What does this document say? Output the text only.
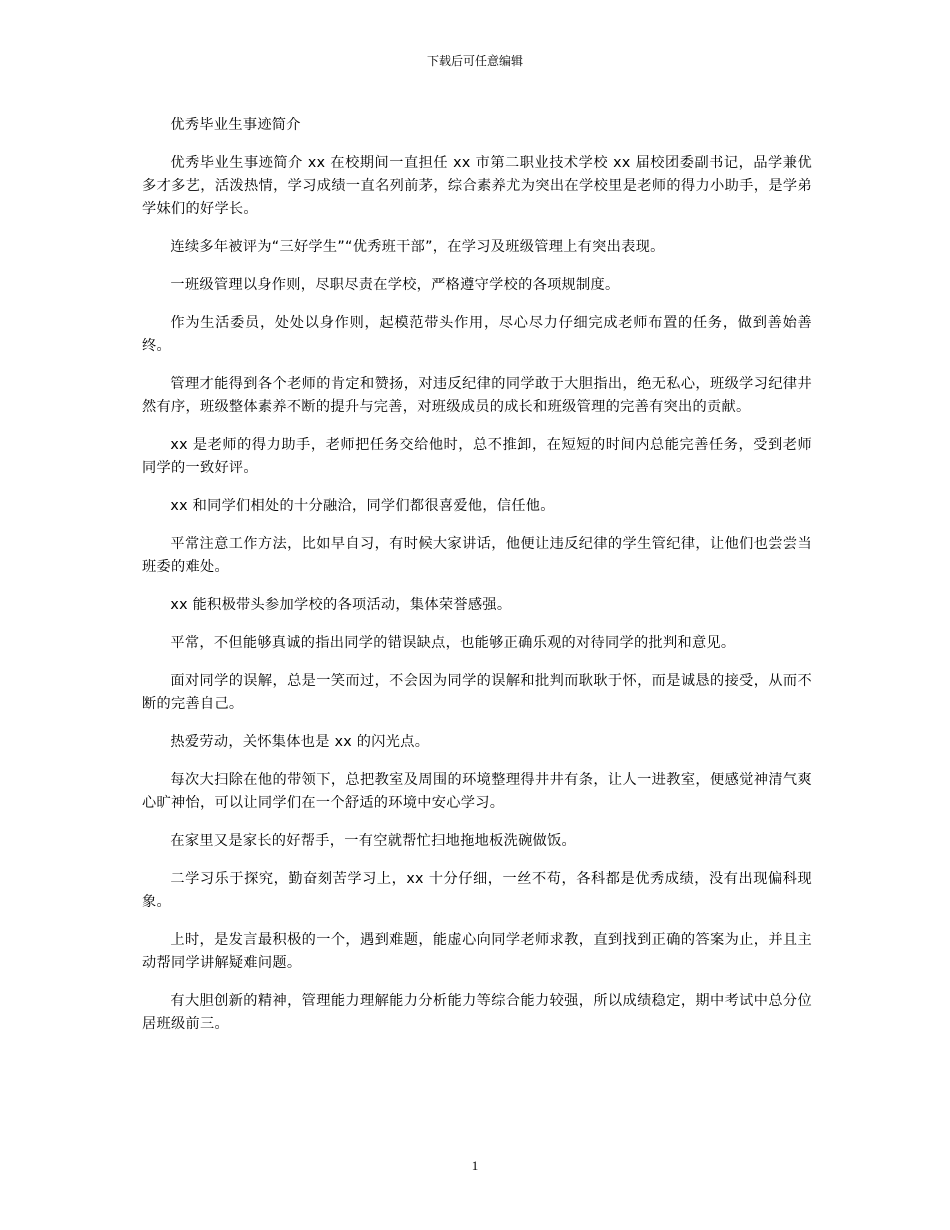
下载后可任意编辑

优秀毕业生事迹简介

优秀毕业生事迹简介 xx 在校期间一直担任 xx 市第二职业技术学校 xx 届校团委副书记，品学兼优多才多艺，活泼热情，学习成绩一直名列前茅，综合素养尤为突出在学校里是老师的得力小助手，是学弟学妹们的好学长。

连续多年被评为“三好学生”“优秀班干部”，在学习及班级管理上有突出表现。

一班级管理以身作则，尽职尽责在学校，严格遵守学校的各项规制度。

作为生活委员，处处以身作则，起模范带头作用，尽心尽力仔细完成老师布置的任务，做到善始善终。

管理才能得到各个老师的肯定和赞扬，对违反纪律的同学敢于大胆指出，绝无私心，班级学习纪律井然有序，班级整体素养不断的提升与完善，对班级成员的成长和班级管理的完善有突出的贡献。

xx 是老师的得力助手，老师把任务交给他时，总不推卸，在短短的时间内总能完善任务，受到老师同学的一致好评。

xx 和同学们相处的十分融洽，同学们都很喜爱他，信任他。

平常注意工作方法，比如早自习，有时候大家讲话，他便让违反纪律的学生管纪律，让他们也尝尝当班委的难处。

xx 能积极带头参加学校的各项活动，集体荣誉感强。

平常，不但能够真诚的指出同学的错误缺点，也能够正确乐观的对待同学的批判和意见。

面对同学的误解，总是一笑而过，不会因为同学的误解和批判而耿耿于怀，而是诚恳的接受，从而不断的完善自己。

热爱劳动，关怀集体也是 xx 的闪光点。

每次大扫除在他的带领下，总把教室及周围的环境整理得井井有条，让人一进教室，便感觉神清气爽心旷神怡，可以让同学们在一个舒适的环境中安心学习。

在家里又是家长的好帮手，一有空就帮忙扫地拖地板洗碗做饭。

二学习乐于探究，勤奋刻苦学习上，xx 十分仔细，一丝不苟，各科都是优秀成绩，没有出现偏科现象。

上时，是发言最积极的一个，遇到难题，能虚心向同学老师求教，直到找到正确的答案为止，并且主动帮同学讲解疑难问题。

有大胆创新的精神，管理能力理解能力分析能力等综合能力较强，所以成绩稳定，期中考试中总分位居班级前三。

1
